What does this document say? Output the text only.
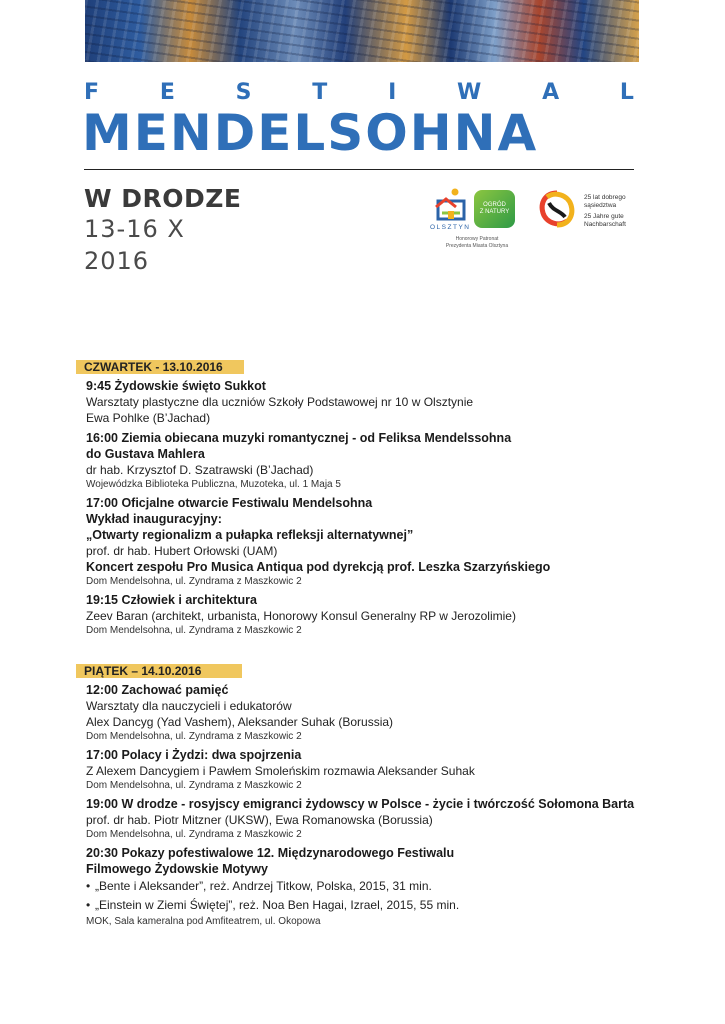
F	E	S	T	I	W	A	L
MENDELSOHNA
W DRODZE
13-16 X
2016
OLSZTYN
OGRÓD
Z NATURY
Honorowy Patronat
Prezydenta Miasta Olsztyna
25 lat dobrego
sąsiedztwa
25 Jahre gute
Nachbarschaft
CZWARTEK - 13.10.2016
9:45 Żydowskie święto Sukkot
Warsztaty plastyczne dla uczniów Szkoły Podstawowej nr 10 w Olsztynie
Ewa Pohlke (B’Jachad)
16:00 Ziemia obiecana muzyki romantycznej - od Feliksa Mendelssohna
do Gustava Mahlera
dr hab. Krzysztof D. Szatrawski (B’Jachad)
Wojewódzka Biblioteka Publiczna, Muzoteka, ul. 1 Maja 5
17:00 Oficjalne otwarcie Festiwalu Mendelsohna
Wykład inauguracyjny:
„Otwarty regionalizm a pułapka refleksji alternatywnej”
prof. dr hab. Hubert Orłowski (UAM)
Koncert zespołu Pro Musica Antiqua pod dyrekcją prof. Leszka Szarzyńskiego
Dom Mendelsohna, ul. Zyndrama z Maszkowic 2
19:15 Człowiek i architektura
Zeev Baran (architekt, urbanista, Honorowy Konsul Generalny RP w Jerozolimie)
Dom Mendelsohna, ul. Zyndrama z Maszkowic 2
PIĄTEK – 14.10.2016
12:00 Zachować pamięć
Warsztaty dla nauczycieli i edukatorów
Alex Dancyg (Yad Vashem), Aleksander Suhak (Borussia)
Dom Mendelsohna, ul. Zyndrama z Maszkowic 2
17:00 Polacy i Żydzi: dwa spojrzenia
Z Alexem Dancygiem i Pawłem Smoleńskim rozmawia Aleksander Suhak
Dom Mendelsohna, ul. Zyndrama z Maszkowic 2
19:00 W drodze - rosyjscy emigranci żydowscy w Polsce - życie i twórczość Sołomona Barta
prof. dr hab. Piotr Mitzner (UKSW), Ewa Romanowska (Borussia)
Dom Mendelsohna, ul. Zyndrama z Maszkowic 2
20:30 Pokazy pofestiwalowe 12. Międzynarodowego Festiwalu
Filmowego Żydowskie Motywy
• „Bente i Aleksander”, reż. Andrzej Titkow, Polska, 2015, 31 min.
• „Einstein w Ziemi Świętej”, reż. Noa Ben Hagai, Izrael, 2015, 55 min.
MOK, Sala kameralna pod Amfiteatrem, ul. Okopowa
